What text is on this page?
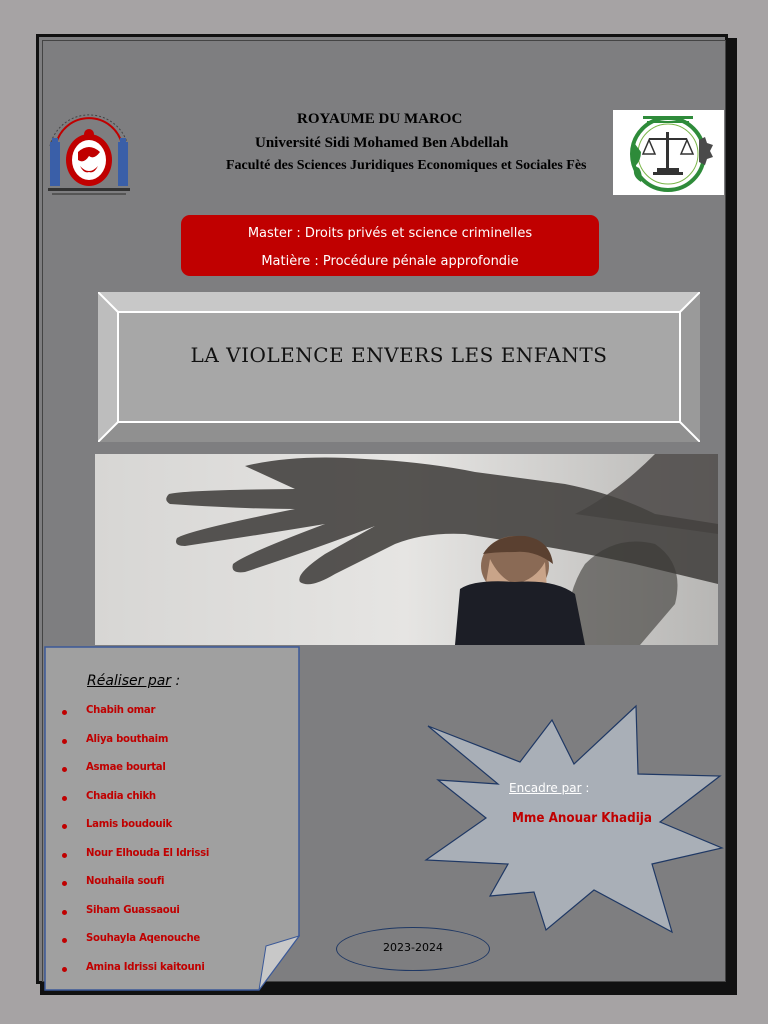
ROYAUME DU MAROC
Université Sidi Mohamed Ben Abdellah
Faculté des Sciences Juridiques Economiques et Sociales Fès
Master : Droits privés et science criminelles
Matière : Procédure pénale approfondie
LA VIOLENCE ENVERS LES ENFANTS
Réaliser par :
Chabih omar
Aliya bouthaim
Asmae bourtal
Chadia chikh
Lamis boudouik
Nour Elhouda El Idrissi
Nouhaila soufi
Siham Guassaoui
Souhayla Aqenouche
Amina Idrissi kaitouni
Encadre par :
Mme Anouar Khadija
2023-2024
